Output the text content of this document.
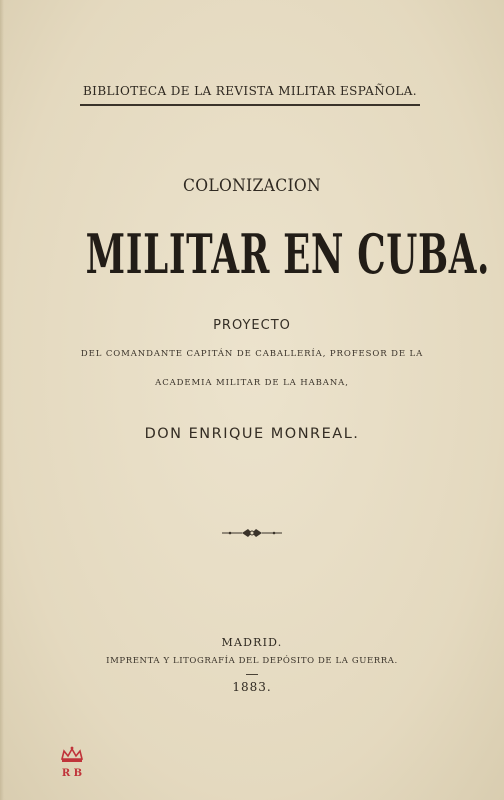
BIBLIOTECA DE LA REVISTA MILITAR ESPAÑOLA.
COLONIZACION
MILITAR EN CUBA.
PROYECTO
DEL COMANDANTE CAPITÁN DE CABALLERÍA, PROFESOR DE LA
ACADEMIA MILITAR DE LA HABANA,
DON ENRIQUE MONREAL.
MADRID.
IMPRENTA Y LITOGRAFÍA DEL DEPÓSITO DE LA GUERRA.
1883.
R B
